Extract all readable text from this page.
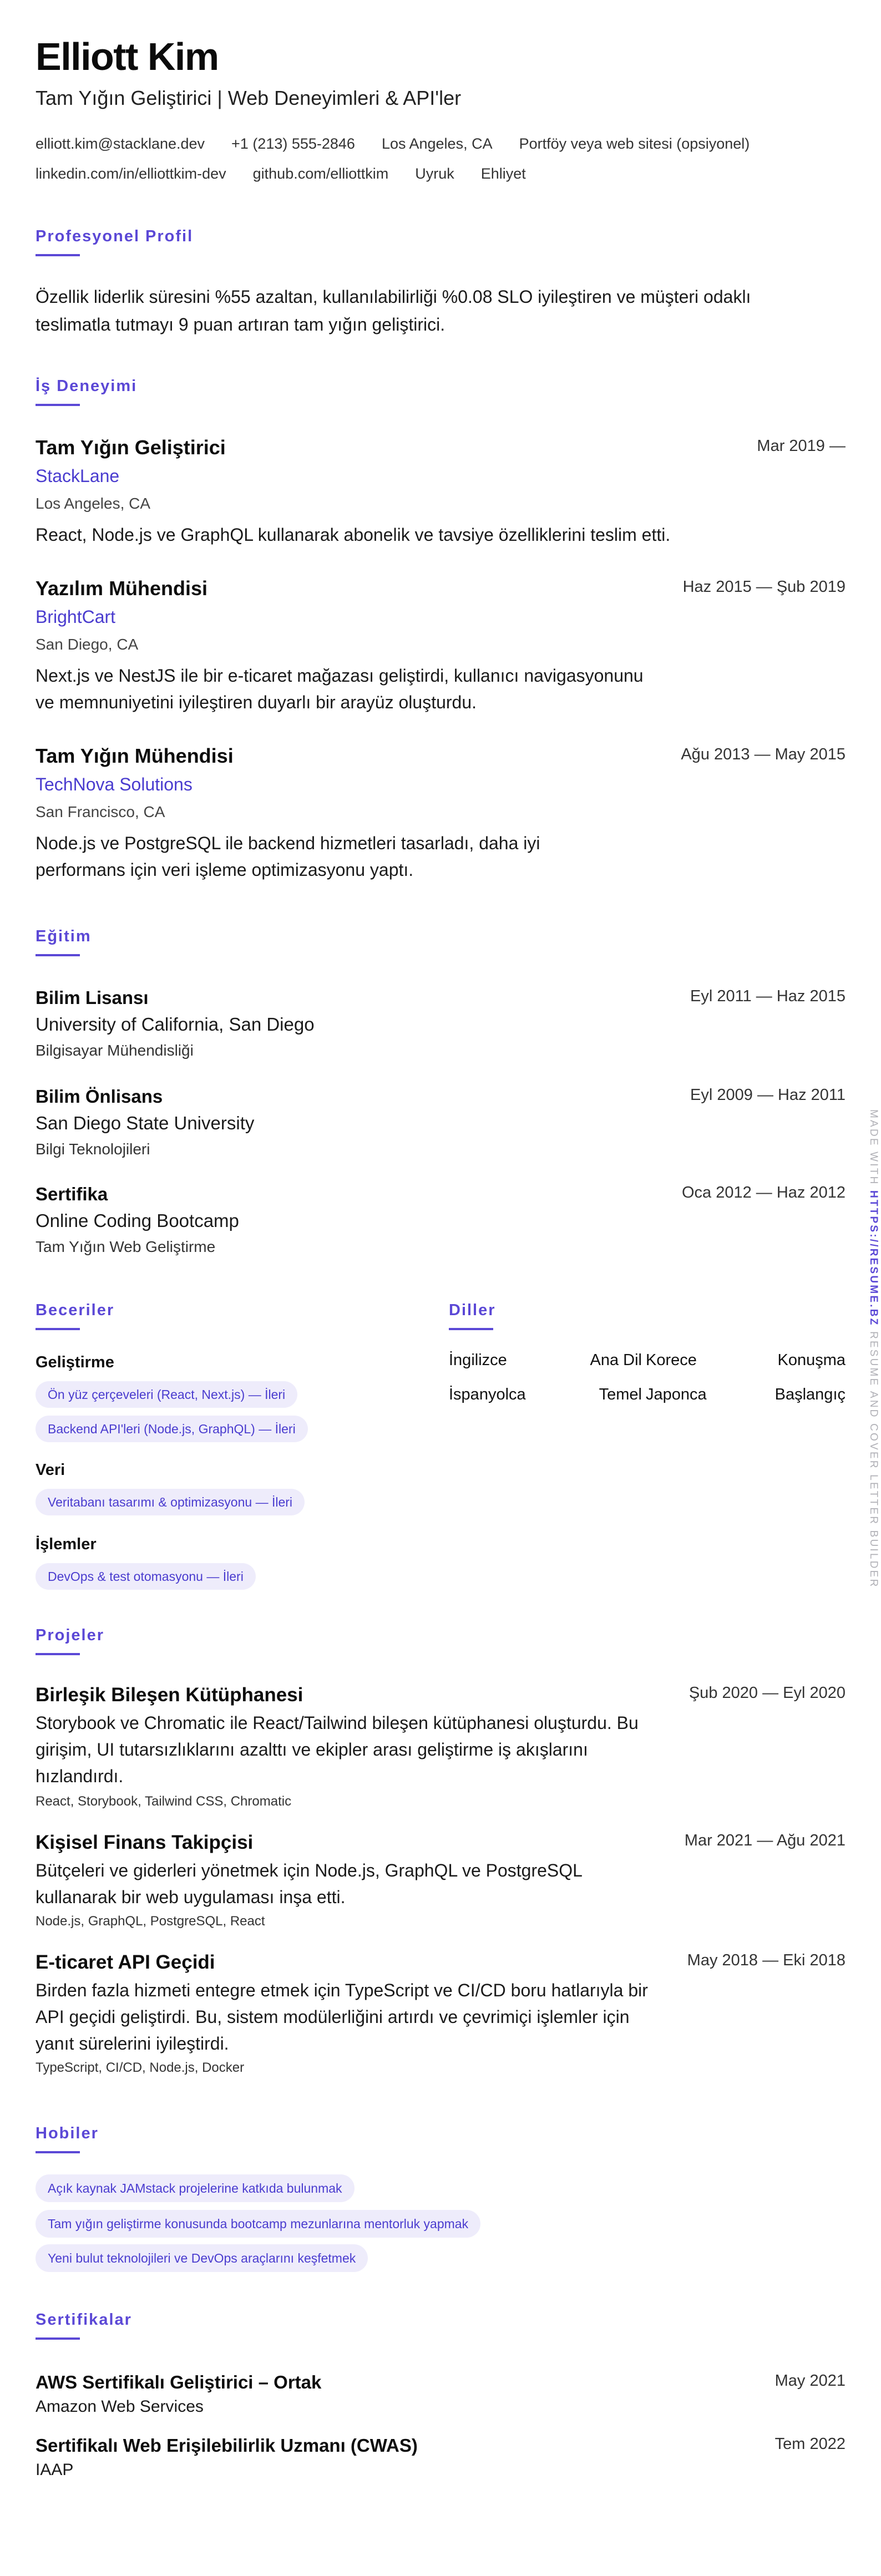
Elliott Kim
Tam Yığın Geliştirici | Web Deneyimleri & API'ler
elliott.kim@stacklane.dev +1 (213) 555-2846 Los Angeles, CA Portföy veya web sitesi (opsiyonel)
linkedin.com/in/elliottkim-dev github.com/elliottkim Uyruk Ehliyet
Profesyonel Profil
Özellik liderlik süresini %55 azaltan, kullanılabilirliği %0.08 SLO iyileştiren ve müşteri odaklı teslimatla tutmayı 9 puan artıran tam yığın geliştirici.
İş Deneyimi
Tam Yığın Geliştirici	Mar 2019 —
StackLane
Los Angeles, CA
React, Node.js ve GraphQL kullanarak abonelik ve tavsiye özelliklerini teslim etti.
Yazılım Mühendisi	Haz 2015 — Şub 2019
BrightCart
San Diego, CA
Next.js ve NestJS ile bir e-ticaret mağazası geliştirdi, kullanıcı navigasyonunu ve memnuniyetini iyileştiren duyarlı bir arayüz oluşturdu.
Tam Yığın Mühendisi	Ağu 2013 — May 2015
TechNova Solutions
San Francisco, CA
Node.js ve PostgreSQL ile backend hizmetleri tasarladı, daha iyi performans için veri işleme optimizasyonu yaptı.
Eğitim
Bilim Lisansı	Eyl 2011 — Haz 2015
University of California, San Diego
Bilgisayar Mühendisliği
Bilim Önlisans	Eyl 2009 — Haz 2011
San Diego State University
Bilgi Teknolojileri
Sertifika	Oca 2012 — Haz 2012
Online Coding Bootcamp
Tam Yığın Web Geliştirme
Beceriler
Geliştirme
Ön yüz çerçeveleri (React, Next.js) — İleri
Backend API'leri (Node.js, GraphQL) — İleri
Veri
Veritabanı tasarımı & optimizasyonu — İleri
İşlemler
DevOps & test otomasyonu — İleri
Diller
İngilizce	Ana Dil Korece	Konuşma
İspanyolca	Temel Japonca	Başlangıç
Projeler
Birleşik Bileşen Kütüphanesi	Şub 2020 — Eyl 2020
Storybook ve Chromatic ile React/Tailwind bileşen kütüphanesi oluşturdu. Bu girişim, UI tutarsızlıklarını azalttı ve ekipler arası geliştirme iş akışlarını hızlandırdı.
React, Storybook, Tailwind CSS, Chromatic
Kişisel Finans Takipçisi	Mar 2021 — Ağu 2021
Bütçeleri ve giderleri yönetmek için Node.js, GraphQL ve PostgreSQL kullanarak bir web uygulaması inşa etti.
Node.js, GraphQL, PostgreSQL, React
E-ticaret API Geçidi	May 2018 — Eki 2018
Birden fazla hizmeti entegre etmek için TypeScript ve CI/CD boru hatlarıyla bir API geçidi geliştirdi. Bu, sistem modülerliğini artırdı ve çevrimiçi işlemler için yanıt sürelerini iyileştirdi.
TypeScript, CI/CD, Node.js, Docker
Hobiler
Açık kaynak JAMstack projelerine katkıda bulunmak
Tam yığın geliştirme konusunda bootcamp mezunlarına mentorluk yapmak
Yeni bulut teknolojileri ve DevOps araçlarını keşfetmek
Sertifikalar
AWS Sertifikalı Geliştirici – Ortak	May 2021
Amazon Web Services
Sertifikalı Web Erişilebilirlik Uzmanı (CWAS)	Tem 2022
IAAP
MADE WITH HTTPS://RESUME.BZ RESUME AND COVER LETTER BUILDER
